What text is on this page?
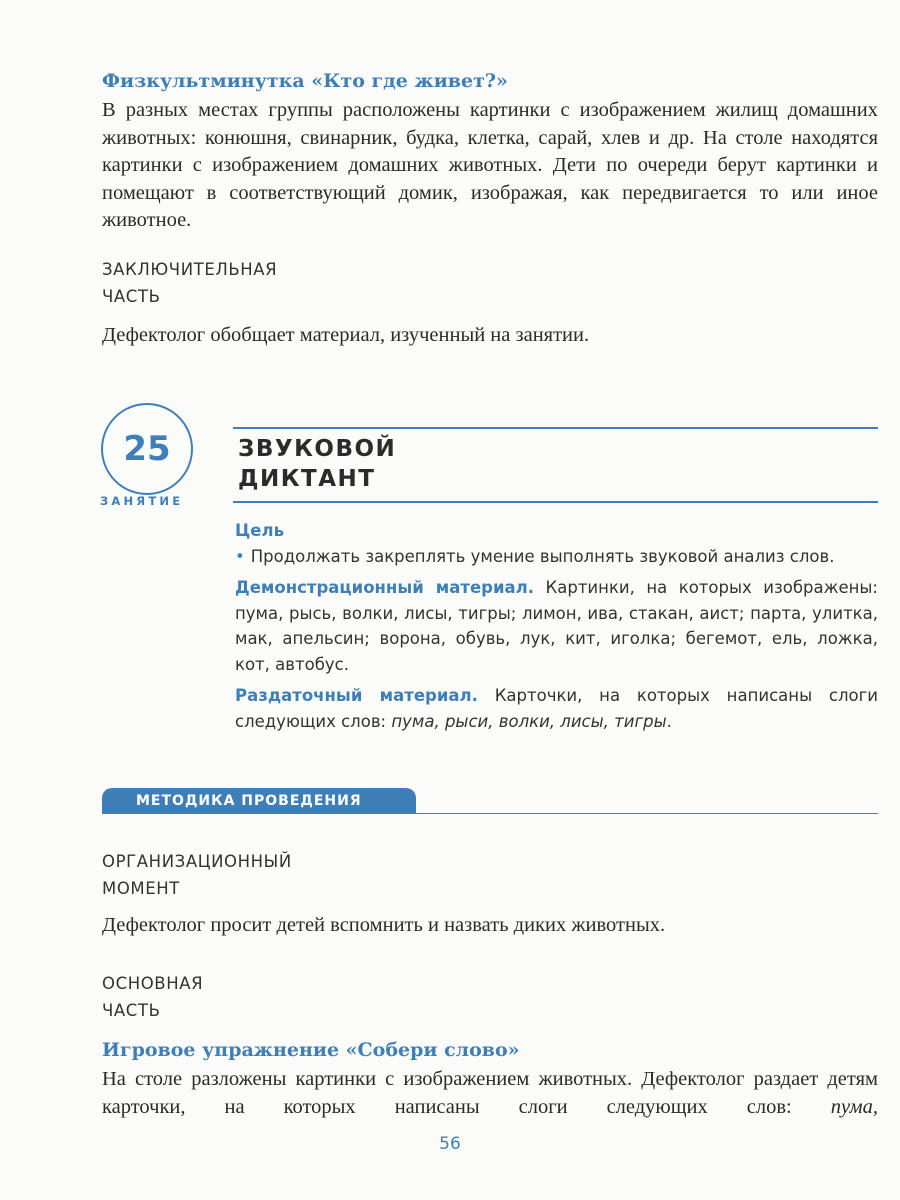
Физкультминутка «Кто где живет?»
В разных местах группы расположены картинки с изображением жилищ домашних животных: конюшня, свинарник, будка, клетка, сарай, хлев и др. На столе находятся картинки с изображением домашних животных. Дети по очереди берут картинки и помещают в соответствующий домик, изображая, как передвигается то или иное животное.
ЗАКЛЮЧИТЕЛЬНАЯ
ЧАСТЬ
Дефектолог обобщает материал, изученный на занятии.
25
ЗАНЯТИЕ
ЗВУКОВОЙ
ДИКТАНТ
Цель
• Продолжать закреплять умение выполнять звуковой анализ слов.
Демонстрационный материал. Картинки, на которых изображены: пума, рысь, волки, лисы, тигры; лимон, ива, стакан, аист; парта, улитка, мак, апельсин; ворона, обувь, лук, кит, иголка; бегемот, ель, ложка, кот, автобус.
Раздаточный материал. Карточки, на которых написаны слоги следующих слов: пума, рыси, волки, лисы, тигры.
МЕТОДИКА ПРОВЕДЕНИЯ
ОРГАНИЗАЦИОННЫЙ
МОМЕНТ
Дефектолог просит детей вспомнить и назвать диких животных.
ОСНОВНАЯ
ЧАСТЬ
Игровое упражнение «Собери слово»
На столе разложены картинки с изображением животных. Дефектолог раздает детям карточки, на которых написаны слоги следующих слов: пума,
56
